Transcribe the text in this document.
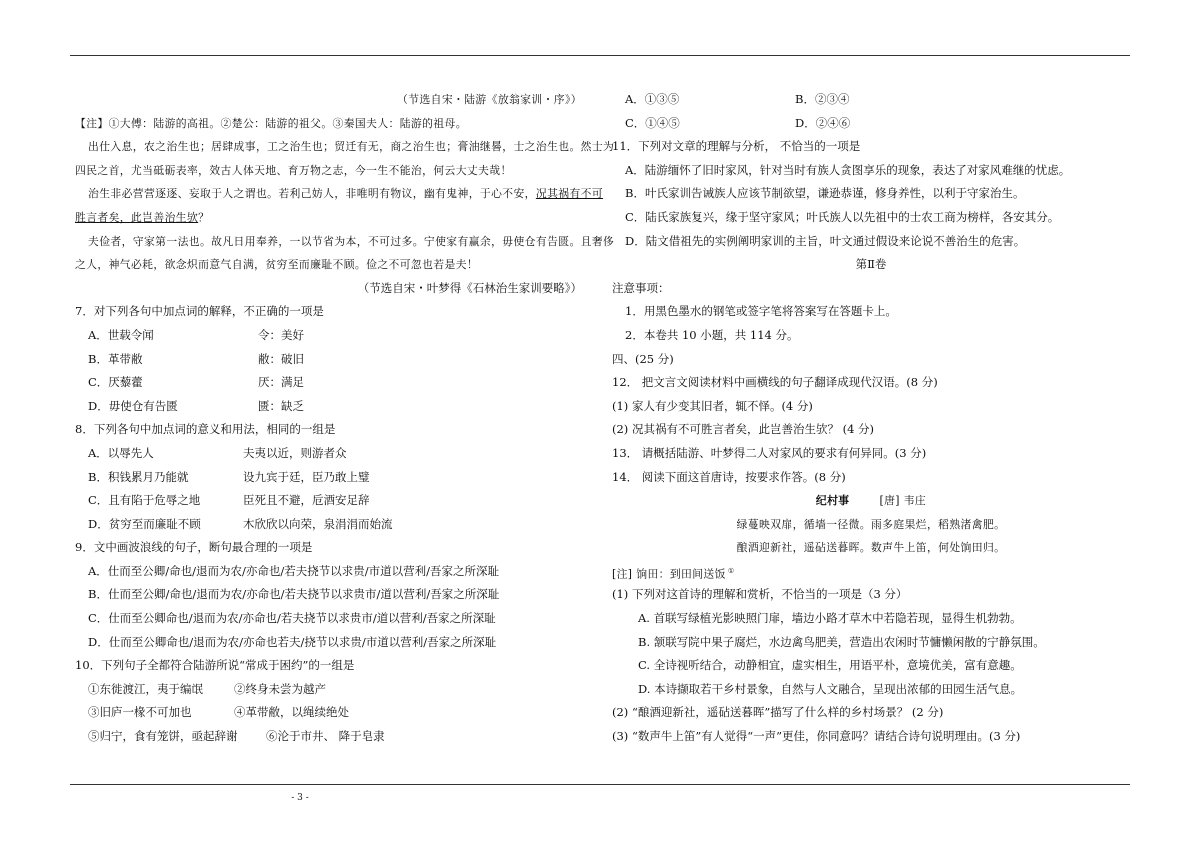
（节选自宋・陆游《放翁家训・序》）
【注】①大傅：陆游的高祖。②楚公：陆游的祖父。③秦国夫人：陆游的祖母。
出仕入息，农之治生也；居肆成事，工之治生也；贸迁有无，商之治生也；膏油继晷，士之治生也。然士为
四民之首，尤当砥砺表率，效古人体天地、育万物之志，今一生不能治，何云大丈夫哉！
治生非必营营逐逐、妄取于人之谓也。若利己妨人，非唯明有物议，幽有鬼神，于心不安，况其祸有不可
胜言者矣，此岂善治生欤？
夫俭者，守家第一法也。故凡日用奉养，一以节省为本，不可过多。宁使家有赢余，毋使仓有告匮。且奢侈
之人，神气必耗，欲念炽而意气自满，贫穷至而廉耻不顾。俭之不可忽也若是夫！
（节选自宋・叶梦得《石林治生家训要略》）
7．对下列各句中加点词的解释，不正确的一项是
A．世载令闻	令：美好
B．革带敝	敝：破旧
C．厌藜藿	厌：满足
D．毋使仓有告匮	匮：缺乏
8．下列各句中加点词的意义和用法，相同的一组是
A．以辱先人	夫夷以近，则游者众
B．积钱累月乃能就	设九宾于廷，臣乃敢上璧
C．且有陷于危辱之地	臣死且不避，卮酒安足辞
D．贫穷至而廉耻不顾	木欣欣以向荣，泉涓涓而始流
9．文中画波浪线的句子，断句最合理的一项是
A．仕而至公卿/命也/退而为农/亦命也/若夫挠节以求贵/市道以营利/吾家之所深耻
B．仕而至公卿/命也/退而为农/亦命也/若夫挠节以求贵市/道以营利/吾家之所深耻
C．仕而至公卿命也/退而为农/亦命也/若夫挠节以求贵市/道以营利/吾家之所深耻
D．仕而至公卿命也/退而为农/亦命也若夫/挠节以求贵/市道以营利/吾家之所深耻
10．下列句子全都符合陆游所说“常成于困约”的一组是
①东徙渡江，夷于编氓	②终身未尝为越产
③旧庐一椽不可加也	④革带敝，以绳续绝处
⑤归宁，食有笼饼，亟起辞谢	⑥沦于市井、 降于皂隶
A．①③⑤	B．②③④
C．①④⑤	D．②④⑥
11．下列对文章的理解与分析， 不恰当的一项是
A．陆游缅怀了旧时家风，针对当时有族人贪图享乐的现象，表达了对家风难继的忧虑。
B．叶氏家训告诫族人应该节制欲望，谦逊恭谨，修身养性，以利于守家治生。
C．陆氏家族复兴，缘于坚守家风；叶氏族人以先祖中的士农工商为榜样，各安其分。
D．陆文借祖先的实例阐明家训的主旨，叶文通过假设来论说不善治生的危害。
第Ⅱ卷
注意事项：
1．用黑色墨水的钢笔或签字笔将答案写在答题卡上。
2．本卷共 10 小题，共 114 分。
四、(25 分)
12． 把文言文阅读材料中画横线的句子翻译成现代汉语。(8 分)
(1) 家人有少变其旧者，辄不怿。(4 分)
(2) 况其祸有不可胜言者矣，此岂善治生欤？ (4 分)
13． 请概括陆游、叶梦得二人对家风的要求有何异同。(3 分)
14． 阅读下面这首唐诗，按要求作答。(8 分)
纪村事	[唐] 韦庄
绿蔓映双扉，循墙一径微。雨多庭果烂，稻熟渚禽肥。
酿酒迎新社，遥砧送暮晖。数声牛上笛，何处饷田归。
[注] 饷田：到田间送饭 ①
(1) 下列对这首诗的理解和赏析，不恰当的一项是（3 分）
A. 首联写绿植光影映照门扉，墙边小路才草木中若隐若现，显得生机勃勃。
B. 颔联写院中果子腐烂，水边禽鸟肥美，营造出农闲时节慵懒闲散的宁静氛围。
C. 全诗视听结合，动静相宜，虚实相生，用语平朴，意境优美，富有意趣。
D. 本诗撷取若干乡村景象，自然与人文融合，呈现出浓郁的田园生活气息。
(2) “酿酒迎新社，遥砧送暮晖”描写了什么样的乡村场景？ (2 分)
(3) “数声牛上笛”有人觉得“一声”更佳，你同意吗？请结合诗句说明理由。(3 分)
- 3 -
